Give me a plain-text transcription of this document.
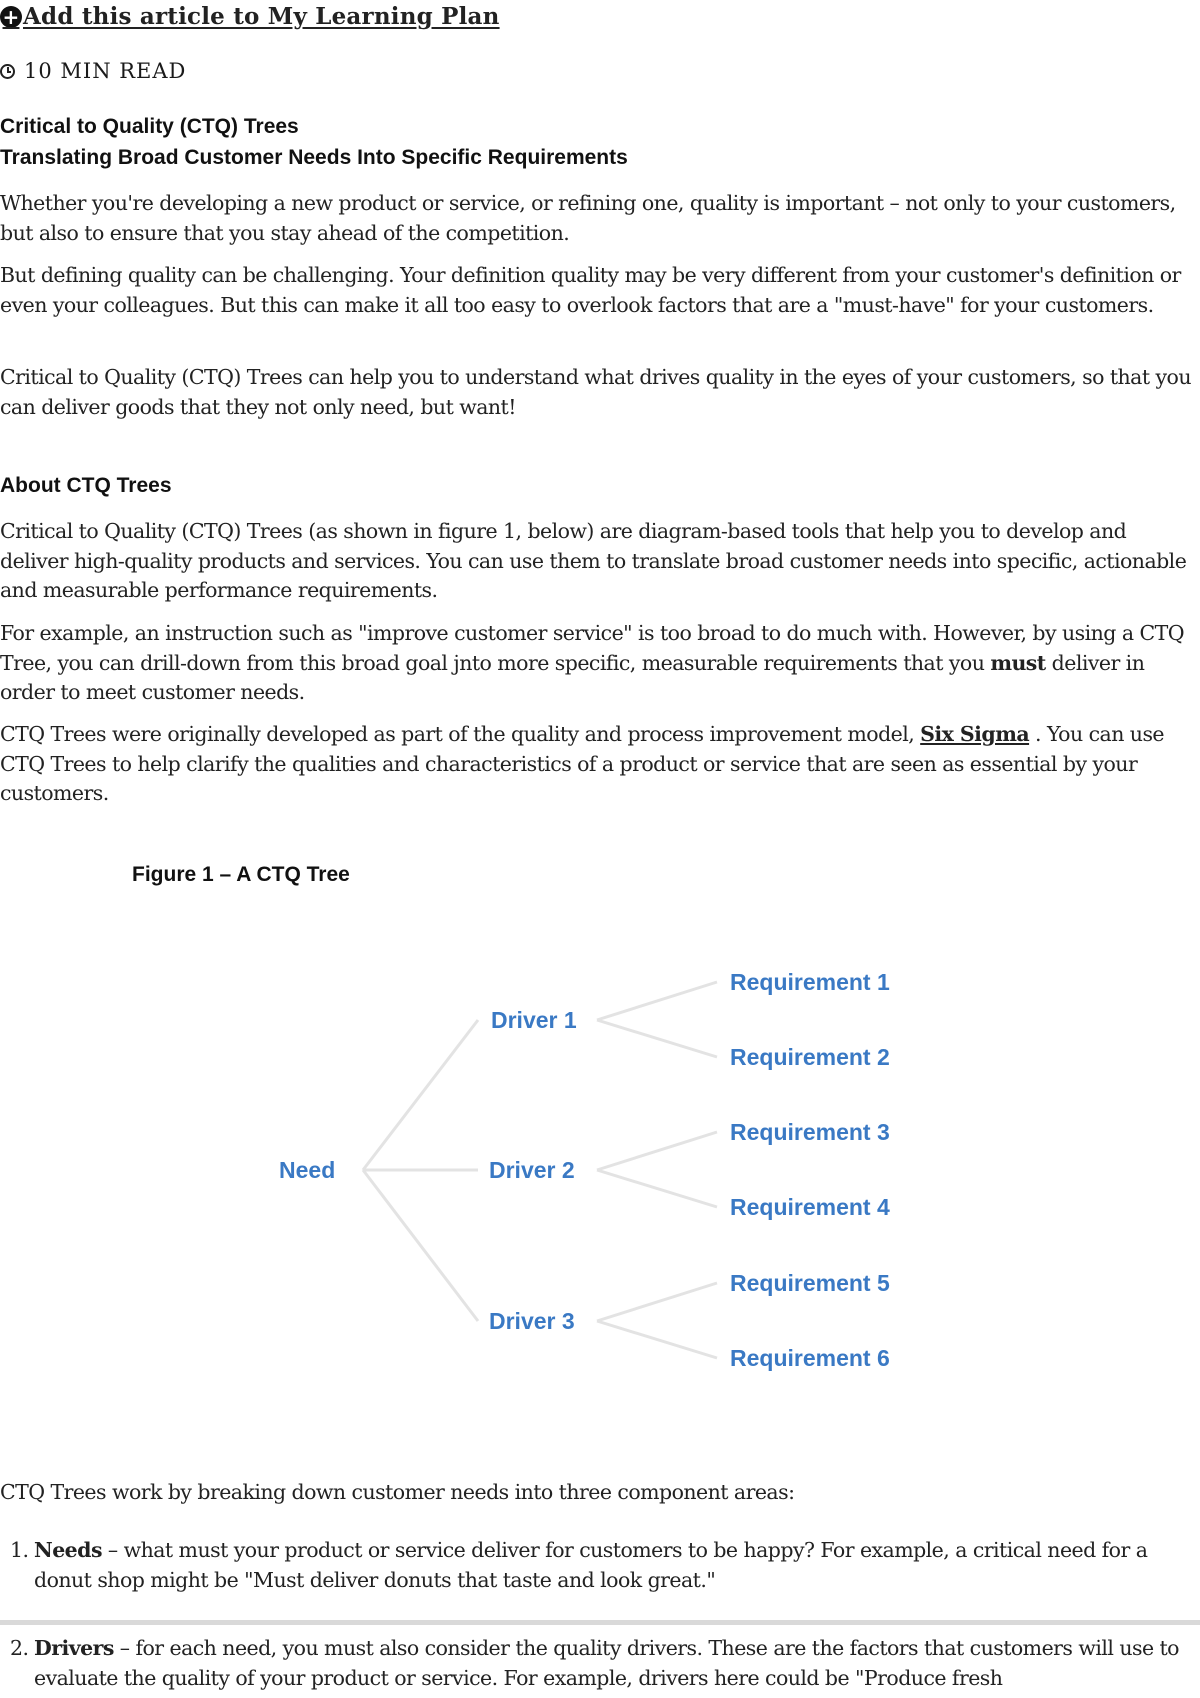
+ Add this article to My Learning Plan
10 MIN READ
Critical to Quality (CTQ) Trees
Translating Broad Customer Needs Into Specific Requirements

Whether you're developing a new product or service, or refining one, quality is important – not only to your customers, but also to ensure that you stay ahead of the competition.

But defining quality can be challenging. Your definition quality may be very different from your customer's definition or even your colleagues. But this can make it all too easy to overlook factors that are a "must-have" for your customers.

Critical to Quality (CTQ) Trees can help you to understand what drives quality in the eyes of your customers, so that you can deliver goods that they not only need, but want!

About CTQ Trees

Critical to Quality (CTQ) Trees (as shown in figure 1, below) are diagram-based tools that help you to develop and deliver high-quality products and services. You can use them to translate broad customer needs into specific, actionable and measurable performance requirements.

For example, an instruction such as "improve customer service" is too broad to do much with. However, by using a CTQ Tree, you can drill-down from this broad goal jnto more specific, measurable requirements that you must deliver in order to meet customer needs.

CTQ Trees were originally developed as part of the quality and process improvement model, Six Sigma . You can use CTQ Trees to help clarify the qualities and characteristics of a product or service that are seen as essential by your customers.

Figure 1 – A CTQ Tree
Need
Driver 1
Driver 2
Driver 3
Requirement 1
Requirement 2
Requirement 3
Requirement 4
Requirement 5
Requirement 6

CTQ Trees work by breaking down customer needs into three component areas:

1. Needs – what must your product or service deliver for customers to be happy? For example, a critical need for a donut shop might be "Must deliver donuts that taste and look great."
2. Drivers – for each need, you must also consider the quality drivers. These are the factors that customers will use to evaluate the quality of your product or service. For example, drivers here could be "Produce fresh
